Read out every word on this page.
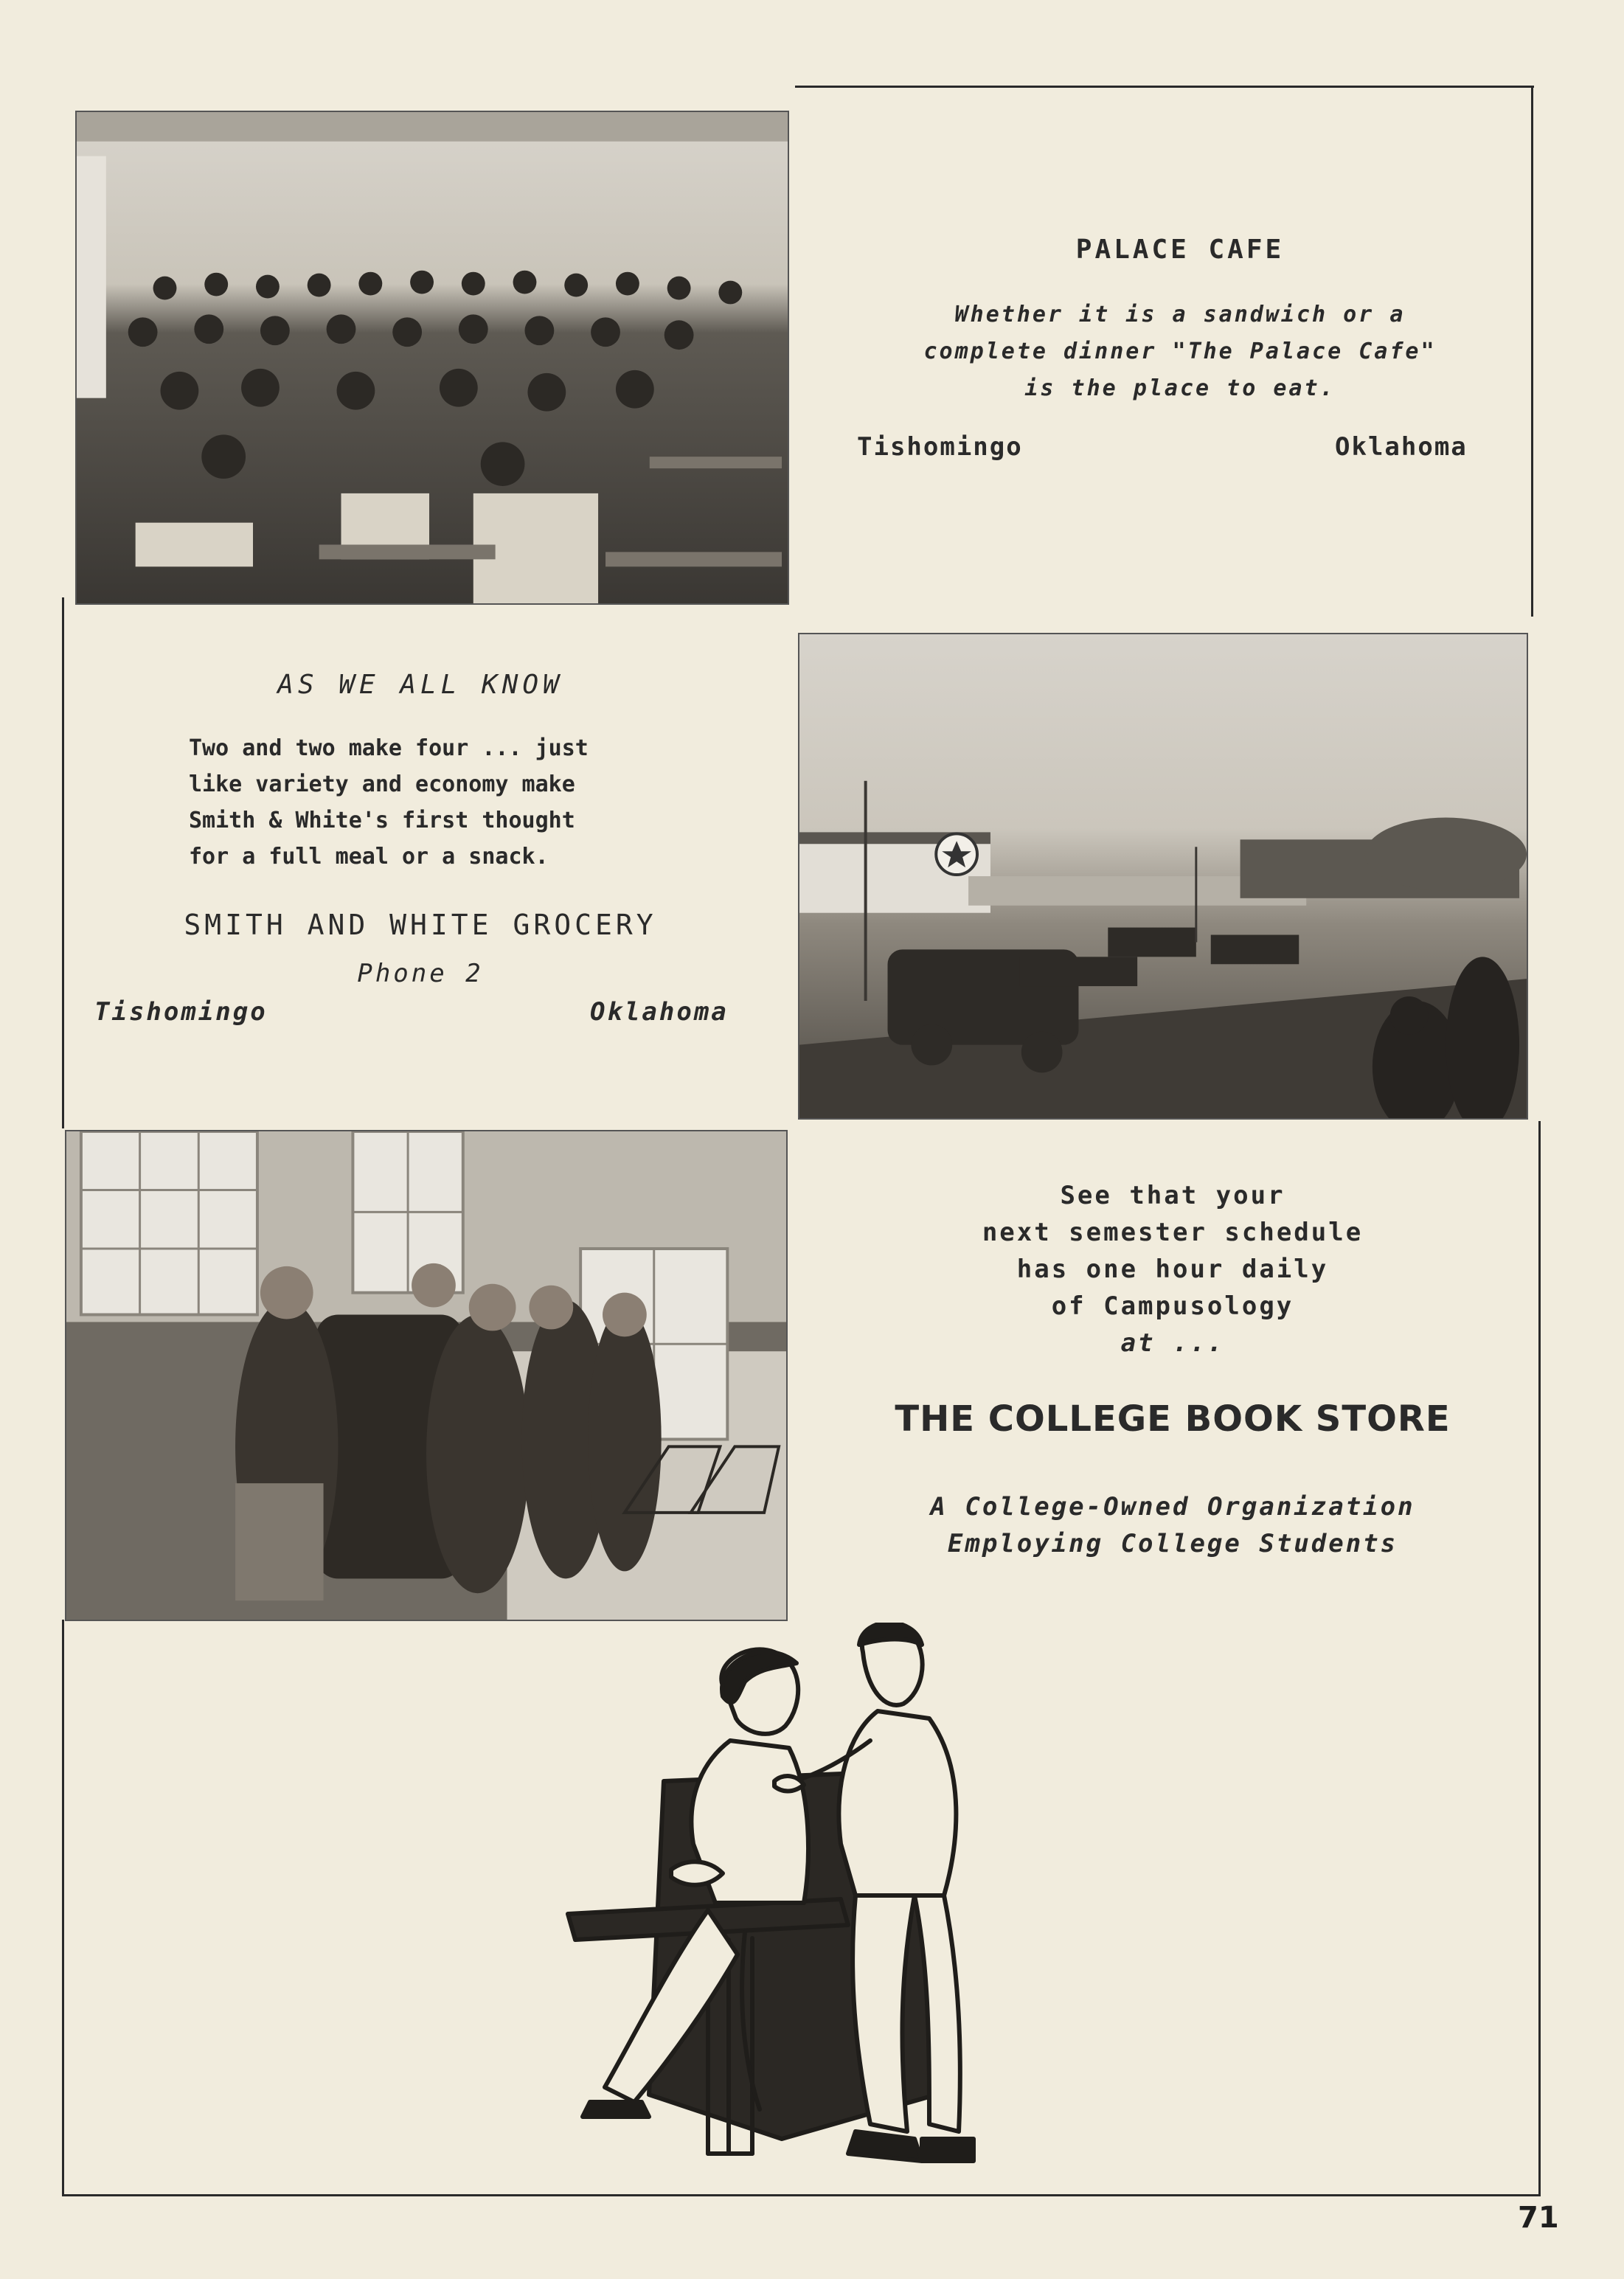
PALACE CAFE
Whether it is a sandwich or a
complete dinner "The Palace Cafe"
is the place to eat.
Tishomingo	Oklahoma
AS WE ALL KNOW
Two and two make four ... just
like variety and economy make
Smith & White's first thought
for a full meal or a snack.
SMITH AND WHITE GROCERY
Phone 2
Tishomingo	Oklahoma
See that your
next semester schedule
has one hour daily
of Campusology
at ...
THE COLLEGE BOOK STORE
A College-Owned Organization
Employing College Students
71
